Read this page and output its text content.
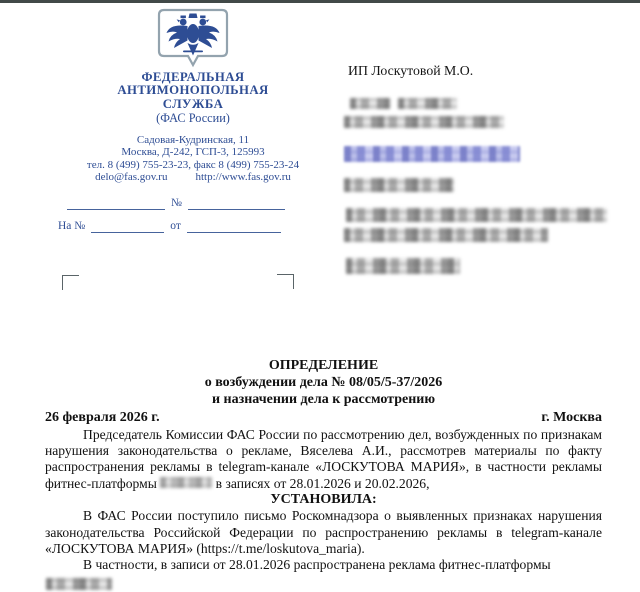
ФЕДЕРАЛЬНАЯ
АНТИМОНОПОЛЬНАЯ
СЛУЖБА
(ФАС России)
Садовая-Кудринская, 11
Москва, Д-242, ГСП-3, 125993
тел. 8 (499) 755-23-23, факс 8 (499) 755-23-24
delo@fas.gov.ru	http://www.fas.gov.ru
№
На №	от
ИП Лоскутовой М.О.
ОПРЕДЕЛЕНИЕ
о возбуждении дела № 08/05/5-37/2026
и назначении дела к рассмотрению
26 февраля 2026 г.	г. Москва

Председатель Комиссии ФАС России по рассмотрению дел, возбужденных по признакам нарушения законодательства о рекламе, Вяселева А.И., рассмотрев материалы по факту распространения рекламы в telegram-канале «ЛОСКУТОВА МАРИЯ», в частности рекламы фитнес-платформы	в записях от 28.01.2026 и 20.02.2026,

УСТАНОВИЛА:

В ФАС России поступило письмо Роскомнадзора о выявленных признаках нарушения законодательства Российской Федерации по распространению рекламы в telegram-канале «ЛОСКУТОВА МАРИЯ» (https://t.me/loskutova_maria).

В частности, в записи от 28.01.2026 распространена реклама фитнес-платформы
